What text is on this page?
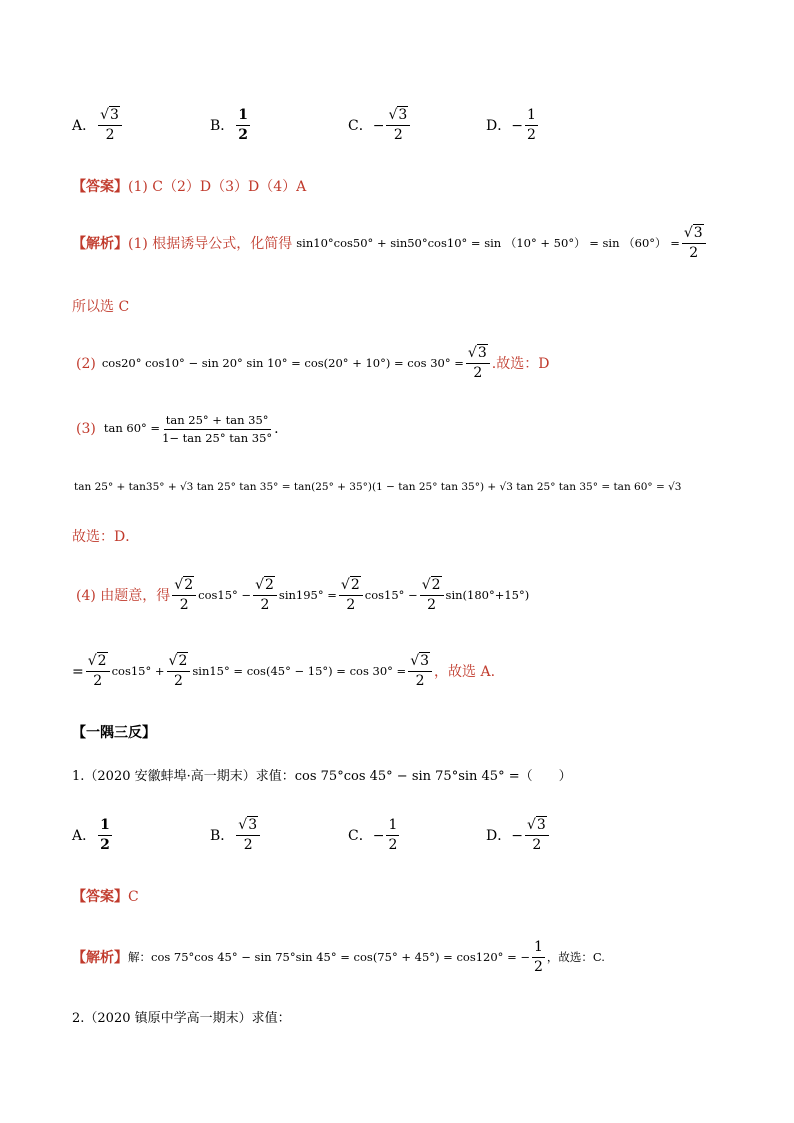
A． $\frac{√3}{2}$	B． $\frac{1}{2}$	C． − $\frac{√3}{2}$	D． − $\frac{1}{2}$
【答案】(1) C（2）D（3）D（4）A
【解析】 (1) 根据诱导公式，化简得 $\sin 10^\circ\cos 50^\circ + \sin 50^\circ\cos 10^\circ = \sin (10^\circ + 50^\circ) = \sin (60^\circ) = \frac{√3}{2}$
所以选 C
(2) cos20° cos10° − sin 20° $\sin 10^\circ = \cos(20^\circ + 10^\circ) = \cos 30^\circ = \frac{√3}{2}$ .故选：D
(3) $\tan 60^\circ = \frac{\tan 25^\circ + \tan 35^\circ}{1- \tan 25^\circ \tan 35^\circ}$ .
tan 25° + tan35° + √3 tan 25° tan 35° = tan(25° + 35°)(1 − tan 25° tan 35°) + √3 tan 25° tan 35° = tan 60° = √3
故选：D．
(4) 由题意，得 $\frac{√2}{2} \cos 15^\circ - \frac{√2}{2} \sin 195^\circ = \frac{√2}{2} \cos 15^\circ - \frac{√2}{2} \sin(180^\circ+15^\circ)$
= $\frac{√2}{2} \cos 15^\circ + \frac{√2}{2} \sin 15^\circ = \cos(45^\circ - 15^\circ) = \cos 30^\circ = \frac{√3}{2}$ ，故选 A.
【一隅三反】
1.（2020 安徽蚌埠·高一期末）求值：cos 75°cos 45° − sin 75°sin 45° =（　　）
A． $\frac{1}{2}$	B． $\frac{√3}{2}$	C． − $\frac{1}{2}$	D． − $\frac{√3}{2}$
【答案】C
【解析】 解：cos 75°cos 45° − sin 75°sin 45° = cos(75° + 45°) = cos120° = − $\frac{1}{2}$ ，故选：C.
2.（2020 镇原中学高一期末）求值：
